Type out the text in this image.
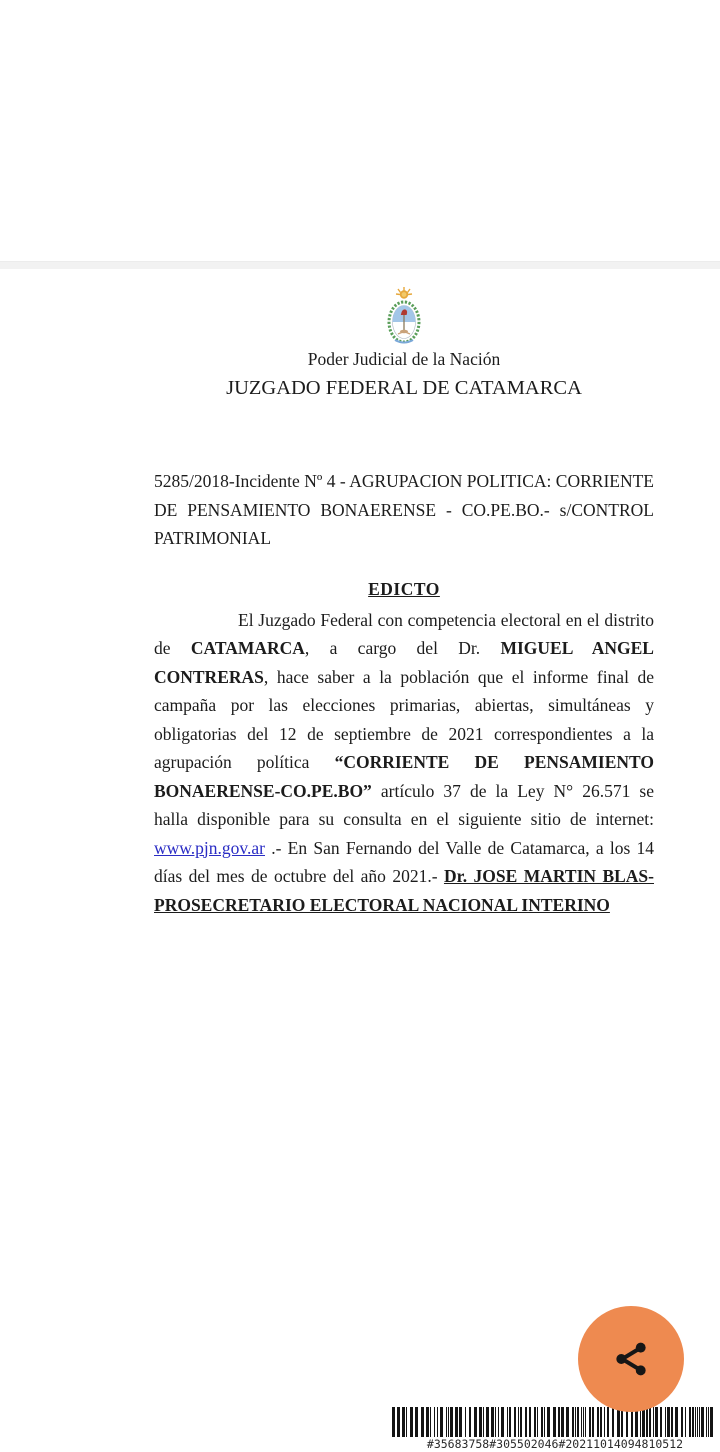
Poder Judicial de la Nación
JUZGADO FEDERAL DE CATAMARCA

5285/2018-Incidente Nº 4 - AGRUPACION POLITICA: CORRIENTE DE PENSAMIENTO BONAERENSE - CO.PE.BO.- s/CONTROL PATRIMONIAL

EDICTO

El Juzgado Federal con competencia electoral en el distrito de CATAMARCA, a cargo del Dr. MIGUEL ANGEL CONTRERAS, hace saber a la población que el informe final de campaña por las elecciones primarias, abiertas, simultáneas y obligatorias del 12 de septiembre de 2021 correspondientes a la agrupación política “CORRIENTE DE PENSAMIENTO BONAERENSE-CO.PE.BO” artículo 37 de la Ley N° 26.571 se halla disponible para su consulta en el siguiente sitio de internet: www.pjn.gov.ar .- En San Fernando del Valle de Catamarca, a los 14 días del mes de octubre del año 2021.- Dr. JOSE MARTIN BLAS- PROSECRETARIO ELECTORAL NACIONAL INTERINO

#35683758#305502046#20211014094810512
